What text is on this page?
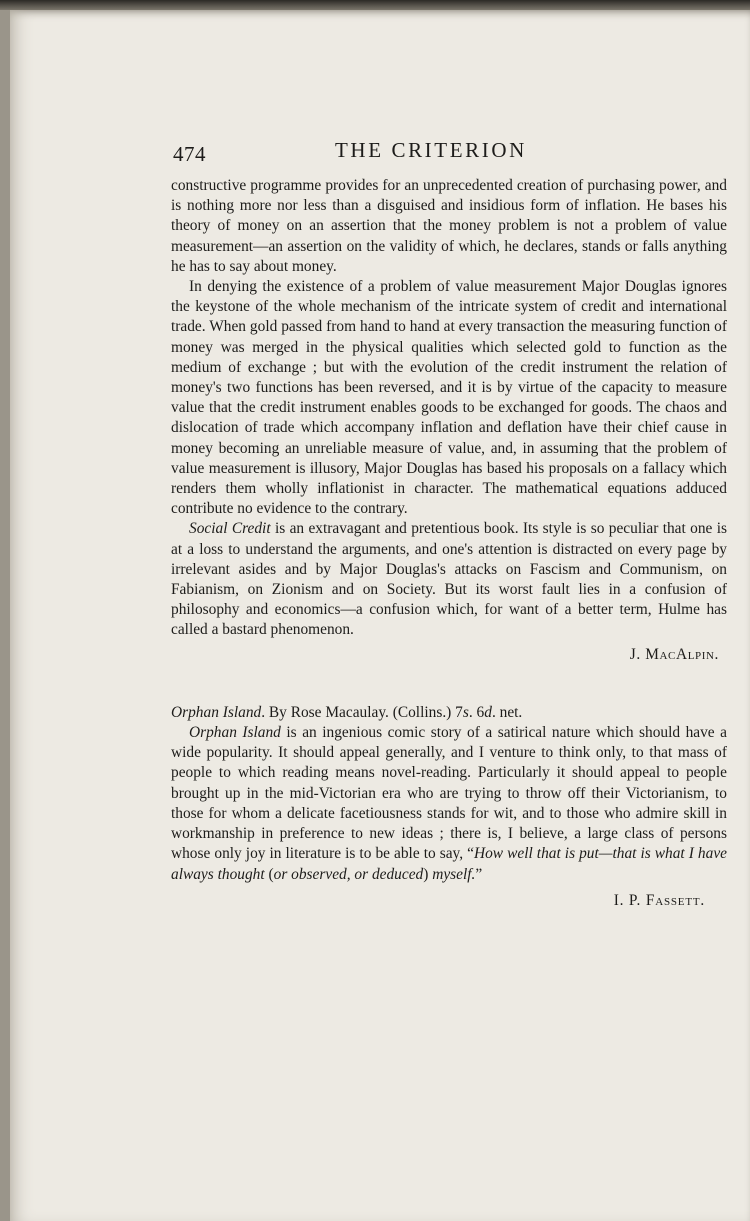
474	THE CRITERION

constructive programme provides for an unprecedented creation of purchasing power, and is nothing more nor less than a disguised and insidious form of inflation. He bases his theory of money on an assertion that the money problem is not a problem of value measurement—an assertion on the validity of which, he declares, stands or falls anything he has to say about money.

In denying the existence of a problem of value measurement Major Douglas ignores the keystone of the whole mechanism of the intricate system of credit and international trade. When gold passed from hand to hand at every transaction the measuring function of money was merged in the physical qualities which selected gold to function as the medium of exchange ; but with the evolution of the credit instrument the relation of money's two functions has been reversed, and it is by virtue of the capacity to measure value that the credit instrument enables goods to be exchanged for goods. The chaos and dislocation of trade which accompany inflation and deflation have their chief cause in money becoming an unreliable measure of value, and, in assuming that the problem of value measurement is illusory, Major Douglas has based his proposals on a fallacy which renders them wholly inflationist in character. The mathematical equations adduced contribute no evidence to the contrary.

Social Credit is an extravagant and pretentious book. Its style is so peculiar that one is at a loss to understand the arguments, and one's attention is distracted on every page by irrelevant asides and by Major Douglas's attacks on Fascism and Communism, on Fabianism, on Zionism and on Society. But its worst fault lies in a confusion of philosophy and economics—a confusion which, for want of a better term, Hulme has called a bastard phenomenon.

J. MacAlpin.

Orphan Island. By Rose Macaulay. (Collins.) 7s. 6d. net.

Orphan Island is an ingenious comic story of a satirical nature which should have a wide popularity. It should appeal generally, and I venture to think only, to that mass of people to which reading means novel-reading. Particularly it should appeal to people brought up in the mid-Victorian era who are trying to throw off their Victorianism, to those for whom a delicate facetiousness stands for wit, and to those who admire skill in workmanship in preference to new ideas ; there is, I believe, a large class of persons whose only joy in literature is to be able to say, “How well that is put—that is what I have always thought (or observed, or deduced) myself.”

I. P. Fassett.
